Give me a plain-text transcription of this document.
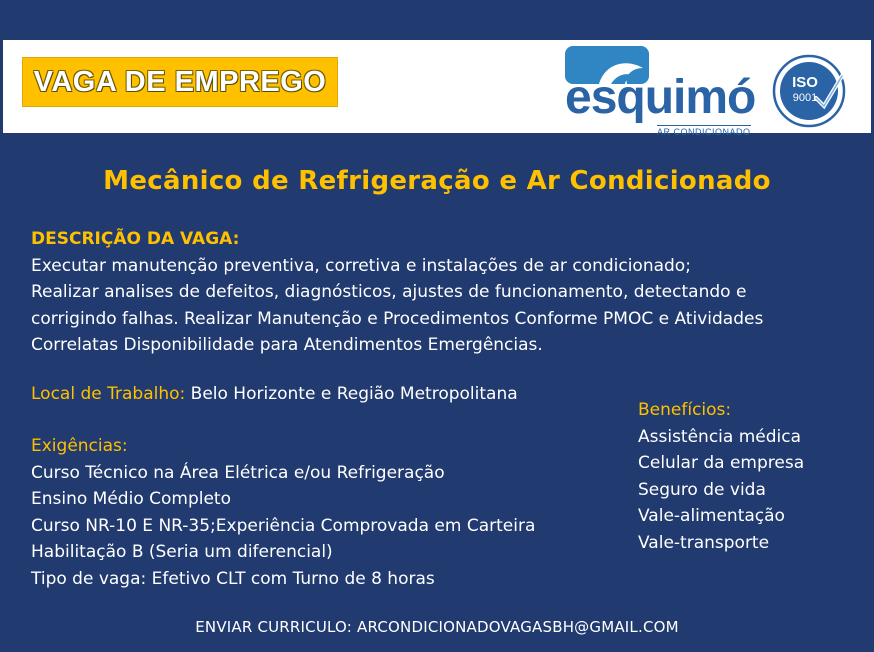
VAGA DE EMPREGO	esquimó
AR CONDICIONADO
ISO
9001
Mecânico de Refrigeração e Ar Condicionado

DESCRIÇÃO DA VAGA:

Executar manutenção preventiva, corretiva e instalações de ar condicionado;

Realizar analises de defeitos, diagnósticos, ajustes de funcionamento, detectando e corrigindo falhas. Realizar Manutenção e Procedimentos Conforme PMOC e Atividades Correlatas Disponibilidade para Atendimentos Emergências.

Local de Trabalho: Belo Horizonte e Região Metropolitana

Exigências:

Curso Técnico na Área Elétrica e/ou Refrigeração

Ensino Médio Completo

Curso NR-10 E NR-35;Experiência Comprovada em Carteira

Habilitação B (Seria um diferencial)

Tipo de vaga: Efetivo CLT com Turno de 8 horas

Benefícios:

Assistência médica

Celular da empresa

Seguro de vida

Vale-alimentação

Vale-transporte

ENVIAR CURRICULO: ARCONDICIONADOVAGASBH@GMAIL.COM
